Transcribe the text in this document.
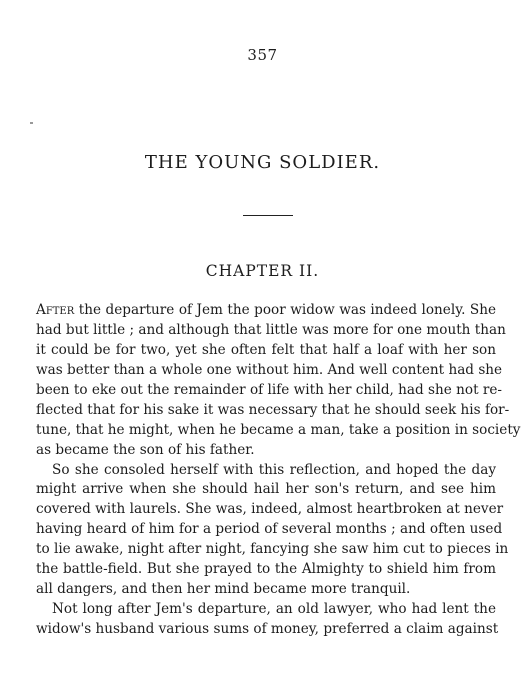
357
THE YOUNG SOLDIER.
CHAPTER II.
After the departure of Jem the poor widow was indeed lonely. She
had but little ; and although that little was more for one mouth than
it could be for two, yet she often felt that half a loaf with her son
was better than a whole one without him. And well content had she
been to eke out the remainder of life with her child, had she not re-
flected that for his sake it was necessary that he should seek his for-
tune, that he might, when he became a man, take a position in society
as became the son of his father.
So she consoled herself with this reflection, and hoped the day
might arrive when she should hail her son's return, and see him
covered with laurels. She was, indeed, almost heartbroken at never
having heard of him for a period of several months ; and often used
to lie awake, night after night, fancying she saw him cut to pieces in
the battle-field. But she prayed to the Almighty to shield him from
all dangers, and then her mind became more tranquil.
Not long after Jem's departure, an old lawyer, who had lent the
widow's husband various sums of money, preferred a claim against
